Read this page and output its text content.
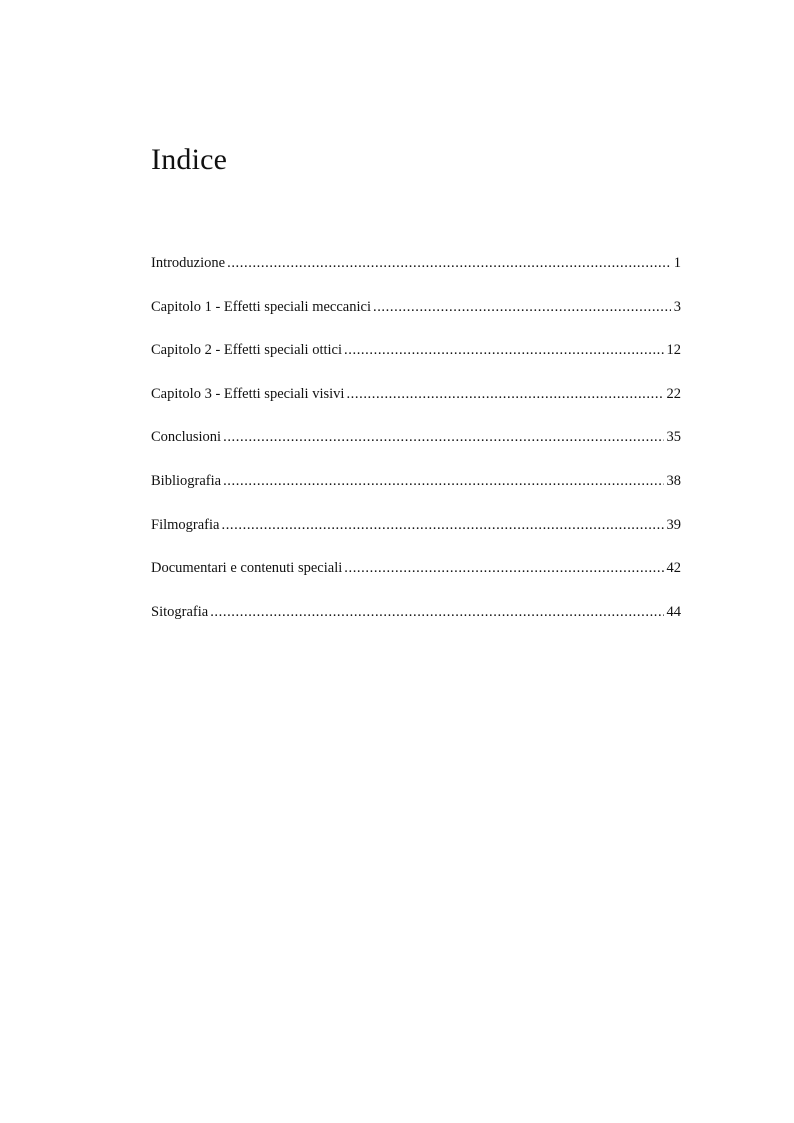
Indice
Introduzione .....	1
Capitolo 1 - Effetti speciali meccanici .....	3
Capitolo 2 - Effetti speciali ottici .....	12
Capitolo 3 - Effetti speciali visivi .....	22
Conclusioni .....	35
Bibliografia .....	38
Filmografia .....	39
Documentari e contenuti speciali .....	42
Sitografia .....	44
